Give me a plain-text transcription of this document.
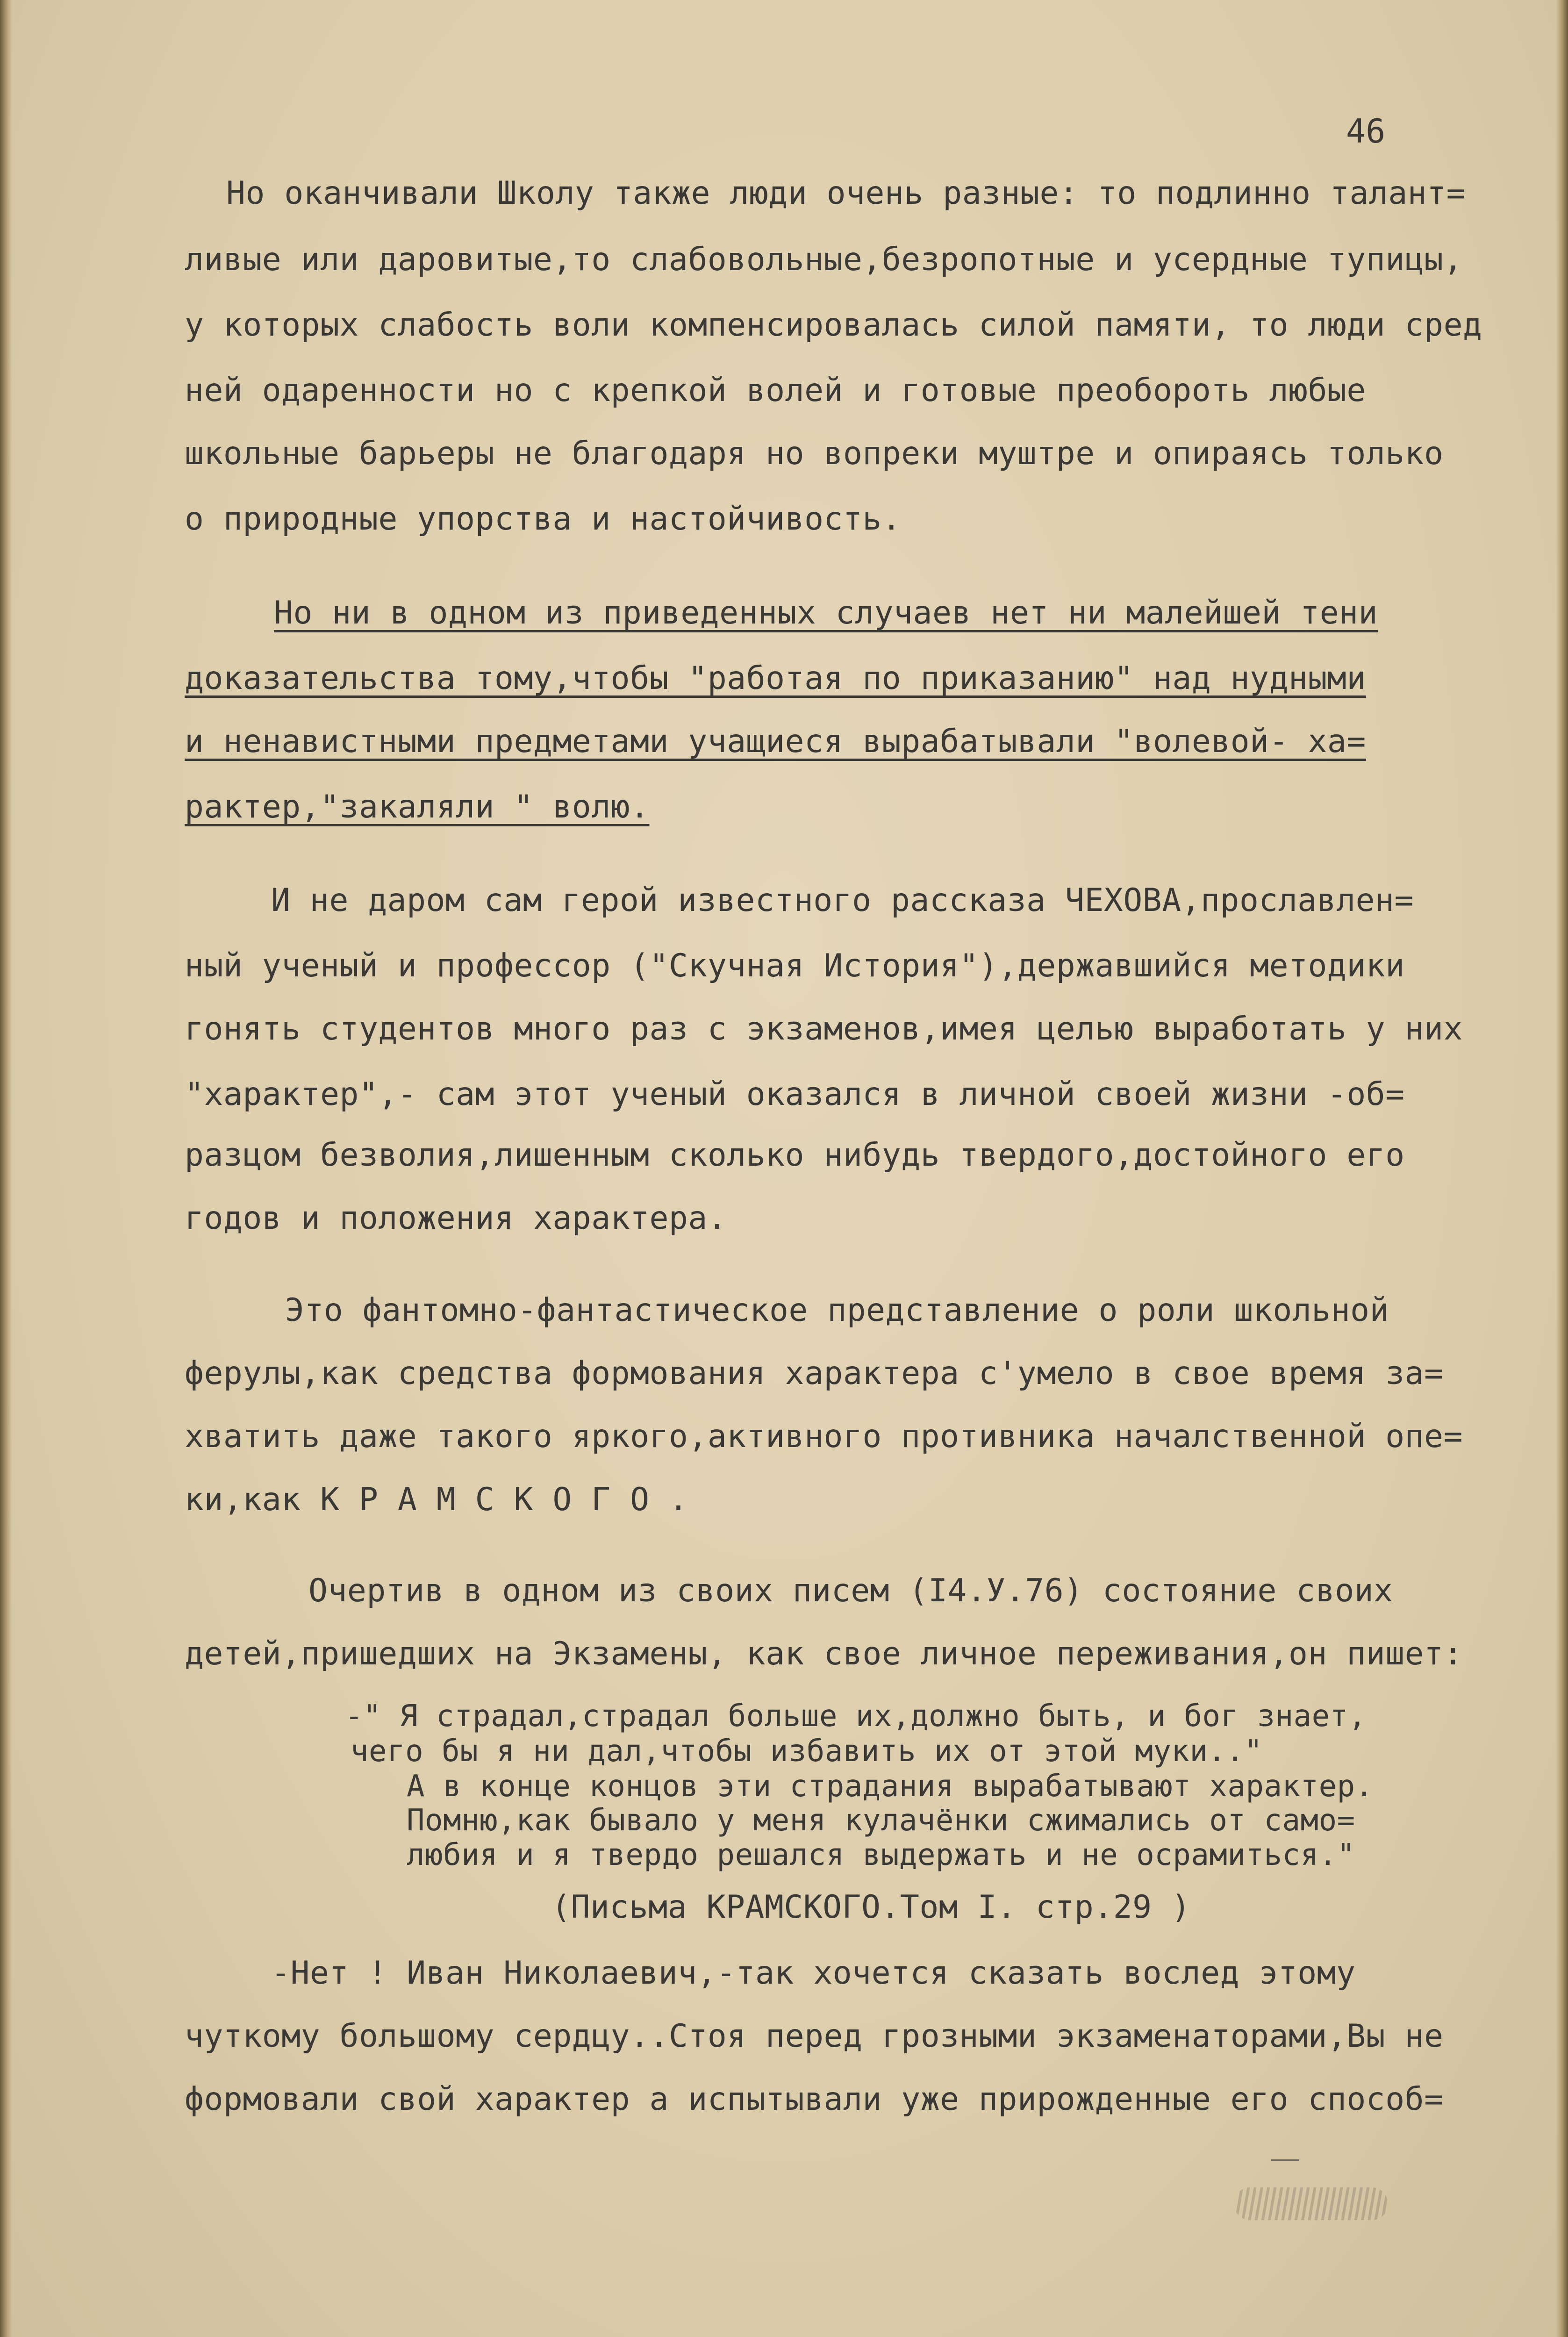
46

Но оканчивали Школу также люди очень разные: то подлинно талант=

ливые или даровитые,то слабовольные,безропотные и усердные тупицы,

у которых слабость воли компенсировалась силой памяти, то люди сред

ней одаренности но с крепкой волей и готовые преобороть любые

школьные барьеры не благодаря но вопреки муштре и опираясь только

о природные упорства и настойчивость.

Но ни в одном из приведенных случаев нет ни малейшей тени

доказательства тому,чтобы "работая по приказанию" над нудными

и ненавистными предметами учащиеся вырабатывали "волевой- ха=

рактер,"закаляли " волю.

И не даром сам герой известного рассказа ЧЕХОВА,прославлен=

ный ученый и профессор ("Скучная История"),державшийся методики

гонять студентов много раз с экзаменов,имея целью выработать у них

"характер",- сам этот ученый оказался в личной своей жизни -об=

разцом безволия,лишенным сколько нибудь твердого,достойного его

годов и положения характера.

Это фантомно-фантастическое представление о роли школьной

ферулы,как средства формования характера с'умело в свое время за=

хватить даже такого яркого,активного противника началственной опе=

ки,как К Р А М С К О Г О .

Очертив в одном из своих писем (I4.У.76) состояние своих

детей,пришедших на Экзамены, как свое личное переживания,он пишет:

-" Я страдал,страдал больше их,должно быть, и бог знает,

чего бы я ни дал,чтобы избавить их от этой муки.."

А в конце концов эти страдания вырабатывают характер.

Помню,как бывало у меня кулачёнки сжимались от само=

любия и я твердо решался выдержать и не осрамиться."

(Письма КРАМСКОГО.Том I. стр.29 )

-Нет ! Иван Николаевич,-так хочется сказать вослед этому

чуткому большому сердцу..Стоя перед грозными экзаменаторами,Вы не

формовали свой характер а испытывали уже прирожденные его способ=
